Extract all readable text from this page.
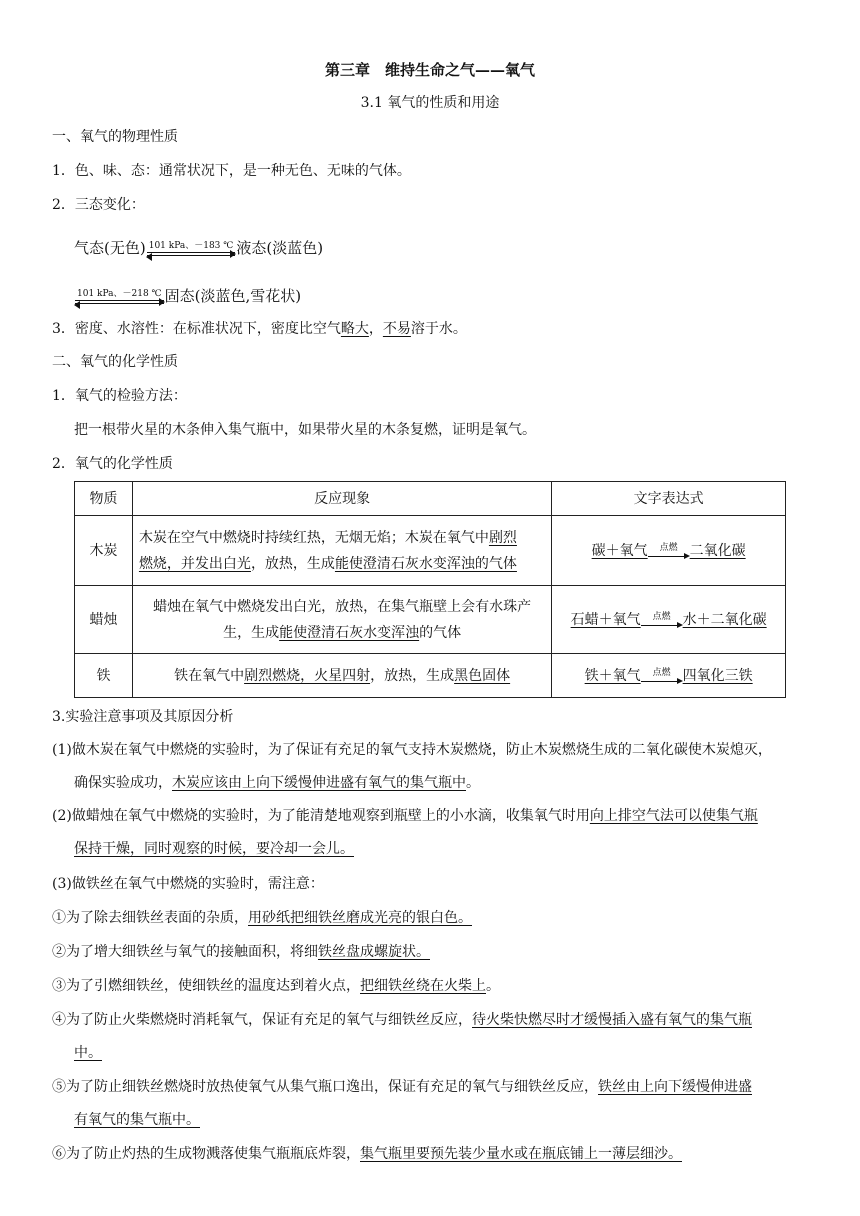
第三章　维持生命之气——氧气
3.1 氧气的性质和用途
一、氧气的物理性质
1．色、味、态：通常状况下，是一种无色、无味的气体。
2．三态变化：
气态(无色) 101 kPa、－183 ℃ 液态(淡蓝色)
101 kPa、－218 ℃ 固态(淡蓝色,雪花状)
3．密度、水溶性：在标准状况下，密度比空气略大，不易溶于水。
二、氧气的化学性质
1．氧气的检验方法：
把一根带火星的木条伸入集气瓶中，如果带火星的木条复燃，证明是氧气。
2．氧气的化学性质
物质	反应现象	文字表达式
木炭	木炭在空气中燃烧时持续红热，无烟无焰；木炭在氧气中剧烈
燃烧，并发出白光，放热，生成能使澄清石灰水变浑浊的气体	碳＋氧气 点燃 二氧化碳
蜡烛	蜡烛在氧气中燃烧发出白光，放热，在集气瓶壁上会有水珠产
生，生成能使澄清石灰水变浑浊的气体	石蜡＋氧气 点燃 水＋二氧化碳
铁	铁在氧气中剧烈燃烧，火星四射，放热，生成黑色固体	铁＋氧气 点燃 四氧化三铁
3.实验注意事项及其原因分析
(1)做木炭在氧气中燃烧的实验时，为了保证有充足的氧气支持木炭燃烧，防止木炭燃烧生成的二氧化碳使木炭熄灭，
确保实验成功，木炭应该由上向下缓慢伸进盛有氧气的集气瓶中。
(2)做蜡烛在氧气中燃烧的实验时，为了能清楚地观察到瓶壁上的小水滴，收集氧气时用向上排空气法可以使集气瓶
保持干燥，同时观察的时候，要冷却一会儿。
(3)做铁丝在氧气中燃烧的实验时，需注意：
①为了除去细铁丝表面的杂质，用砂纸把细铁丝磨成光亮的银白色。
②为了增大细铁丝与氧气的接触面积，将细铁丝盘成螺旋状。
③为了引燃细铁丝，使细铁丝的温度达到着火点，把细铁丝绕在火柴上。
④为了防止火柴燃烧时消耗氧气，保证有充足的氧气与细铁丝反应，待火柴快燃尽时才缓慢插入盛有氧气的集气瓶
中。
⑤为了防止细铁丝燃烧时放热使氧气从集气瓶口逸出，保证有充足的氧气与细铁丝反应，铁丝由上向下缓慢伸进盛
有氧气的集气瓶中。
⑥为了防止灼热的生成物溅落使集气瓶瓶底炸裂，集气瓶里要预先装少量水或在瓶底铺上一薄层细沙。
